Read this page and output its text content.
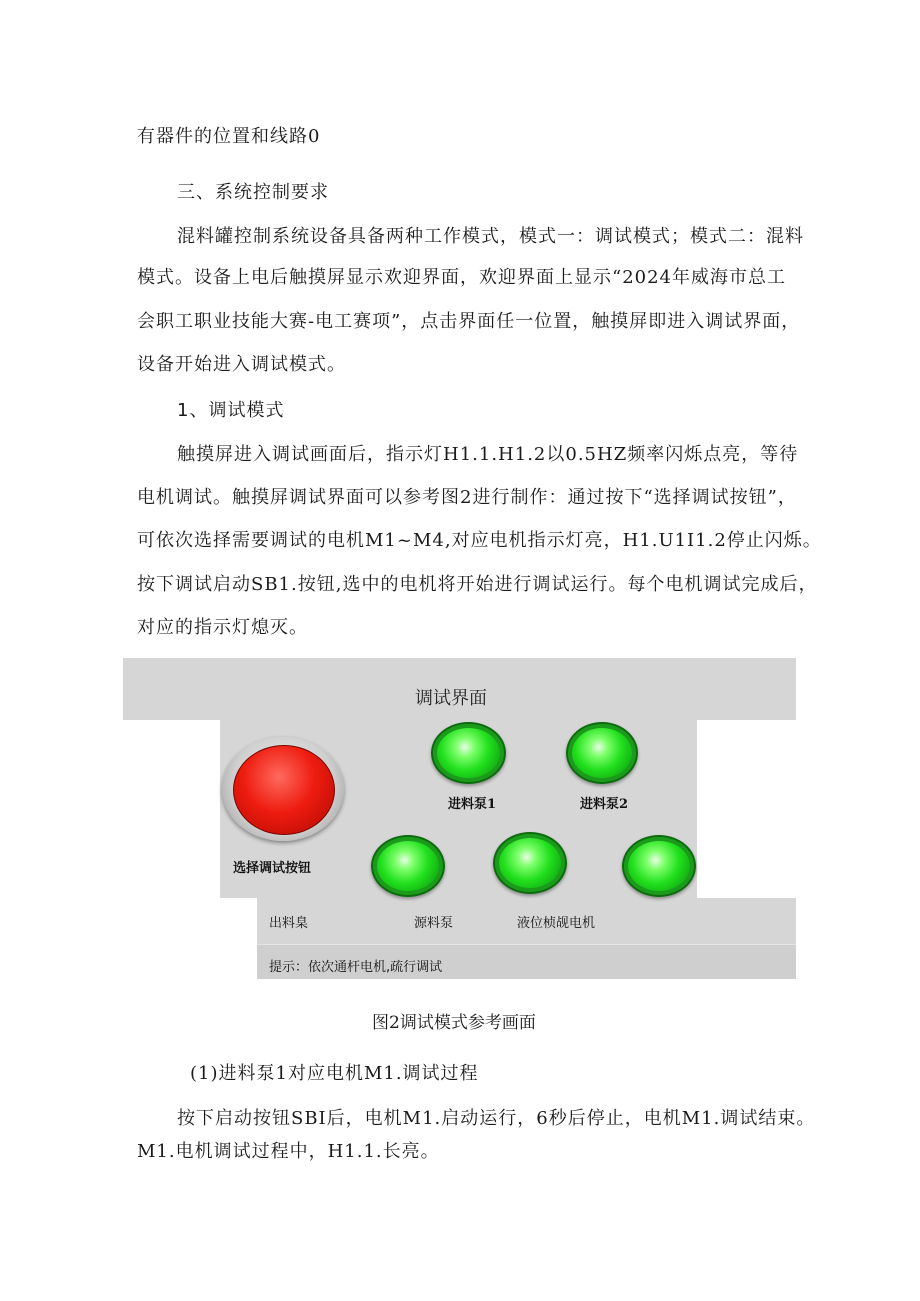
有器件的位置和线路0
三、系统控制要求
混料罐控制系统设备具备两种工作模式，模式一：调试模式；模式二：混料
模式。设备上电后触摸屏显示欢迎界面，欢迎界面上显示“2024年威海市总工
会职工职业技能大赛-电工赛项”，点击界面任一位置，触摸屏即进入调试界面，
设备开始进入调试模式。
1、调试模式
触摸屏进入调试画面后，指示灯H1.1.H1.2以0.5HZ频率闪烁点亮，等待
电机调试。触摸屏调试界面可以参考图2进行制作：通过按下“选择调试按钮”，
可依次选择需要调试的电机M1~M4,对应电机指示灯亮，H1.U1I1.2停止闪烁。
按下调试启动SB1.按钮,选中的电机将开始进行调试运行。每个电机调试完成后，
对应的指示灯熄灭。
调试界面
选择调试按钮
进料泵1	进料泵2
出料臬	源料泵	液位桢觇电机
提示：依次通杆电机,疏行调试
图2调试模式参考画面
(1)进料泵1对应电机M1.调试过程
按下启动按钮SBI后，电机M1.启动运行，6秒后停止，电机M1.调试结束。
M1.电机调试过程中，H1.1.长亮。
